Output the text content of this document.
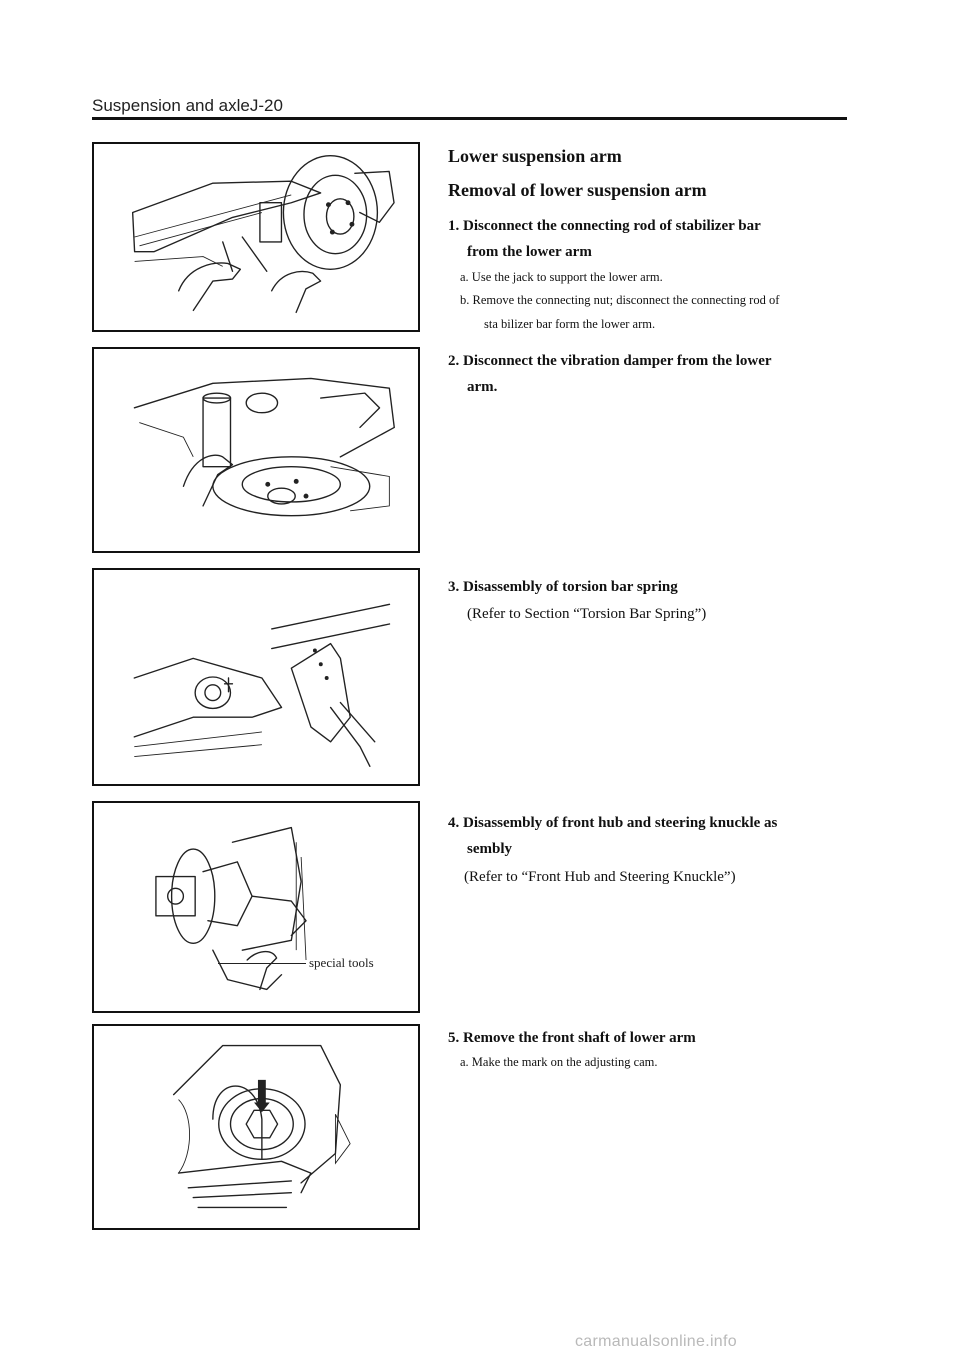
Suspension and axleJ-20

Lower suspension arm

Removal of lower suspension arm

1. Disconnect the connecting rod of stabilizer bar
from the lower arm

a. Use the jack to support the lower arm.
b. Remove the connecting nut; disconnect the connecting rod of
sta bilizer bar form the lower arm.

2. Disconnect the vibration damper from the lower
arm.

3. Disassembly of torsion bar spring

(Refer to Section “Torsion Bar Spring”)
special tools

4. Disassembly of front hub and steering knuckle as
sembly

(Refer to “Front Hub and Steering Knuckle”)

5. Remove the front shaft of lower arm

a. Make the mark on the adjusting cam.
carmanualsonline.info
